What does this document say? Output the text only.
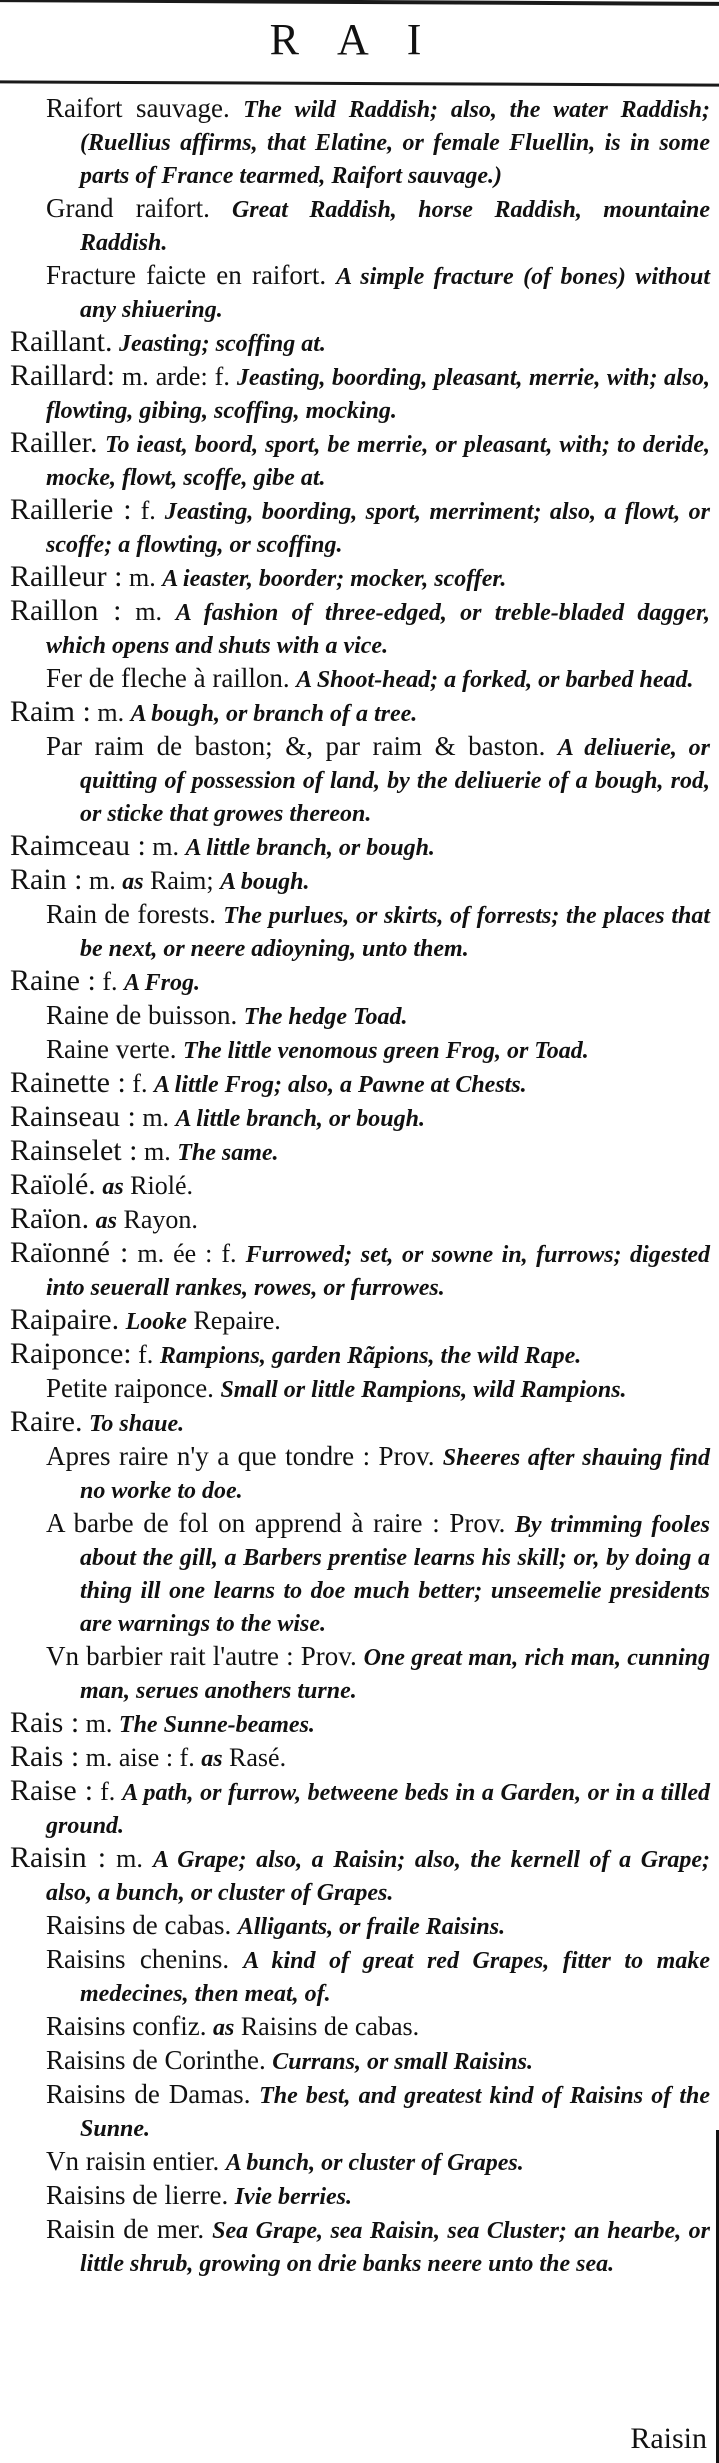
RAI
Raifort sauvage. The wild Raddish; also, the water Raddish; (Ruellius affirms, that Elatine, or female Fluellin, is in some parts of France tearmed, Raifort sauvage.)
Grand raifort. Great Raddish, horse Raddish, mountaine Raddish.
Fracture faicte en raifort. A simple fracture (of bones) without any shiuering.
Raillant. Jeasting; scoffing at.
Raillard: m. arde: f. Jeasting, boording, pleasant, merrie, with; also, flowting, gibing, scoffing, mocking.
Railler. To ieast, boord, sport, be merrie, or pleasant, with; to deride, mocke, flowt, scoffe, gibe at.
Raillerie : f. Jeasting, boording, sport, merriment; also, a flowt, or scoffe; a flowting, or scoffing.
Railleur : m. A ieaster, boorder; mocker, scoffer.
Raillon : m. A fashion of three-edged, or treble-bladed dagger, which opens and shuts with a vice.
Fer de fleche à raillon. A Shoot-head; a forked, or barbed head.
Raim : m. A bough, or branch of a tree.
Par raim de baston; &, par raim & baston. A deliuerie, or quitting of possession of land, by the deliuerie of a bough, rod, or sticke that growes thereon.
Raimceau : m. A little branch, or bough.
Rain : m. as Raim; A bough.
Rain de forests. The purlues, or skirts, of forrests; the places that be next, or neere adioyning, unto them.
Raine : f. A Frog.
Raine de buisson. The hedge Toad.
Raine verte. The little venomous green Frog, or Toad.
Rainette : f. A little Frog; also, a Pawne at Chests.
Rainseau : m. A little branch, or bough.
Rainselet : m. The same.
Raïolé. as Riolé.
Raïon. as Rayon.
Raïonné : m. ée : f. Furrowed; set, or sowne in, furrows; digested into seuerall rankes, rowes, or furrowes.
Raipaire. Looke Repaire.
Raiponce: f. Rampions, garden Rãpions, the wild Rape.
Petite raiponce. Small or little Rampions, wild Rampions.
Raire. To shaue.
Apres raire n'y a que tondre : Prov. Sheeres after shauing find no worke to doe.
A barbe de fol on apprend à raire : Prov. By trimming fooles about the gill, a Barbers prentise learns his skill; or, by doing a thing ill one learns to doe much better; unseemelie presidents are warnings to the wise.
Vn barbier rait l'autre : Prov. One great man, rich man, cunning man, serues anothers turne.
Rais : m. The Sunne-beames.
Rais : m. aise : f. as Rasé.
Raise : f. A path, or furrow, betweene beds in a Garden, or in a tilled ground.
Raisin : m. A Grape; also, a Raisin; also, the kernell of a Grape; also, a bunch, or cluster of Grapes.
Raisins de cabas. Alligants, or fraile Raisins.
Raisins chenins. A kind of great red Grapes, fitter to make medecines, then meat, of.
Raisins confiz. as Raisins de cabas.
Raisins de Corinthe. Currans, or small Raisins.
Raisins de Damas. The best, and greatest kind of Raisins of the Sunne.
Vn raisin entier. A bunch, or cluster of Grapes.
Raisins de lierre. Ivie berries.
Raisin de mer. Sea Grape, sea Raisin, sea Cluster; an hearbe, or little shrub, growing on drie banks neere unto the sea.
Raisin
